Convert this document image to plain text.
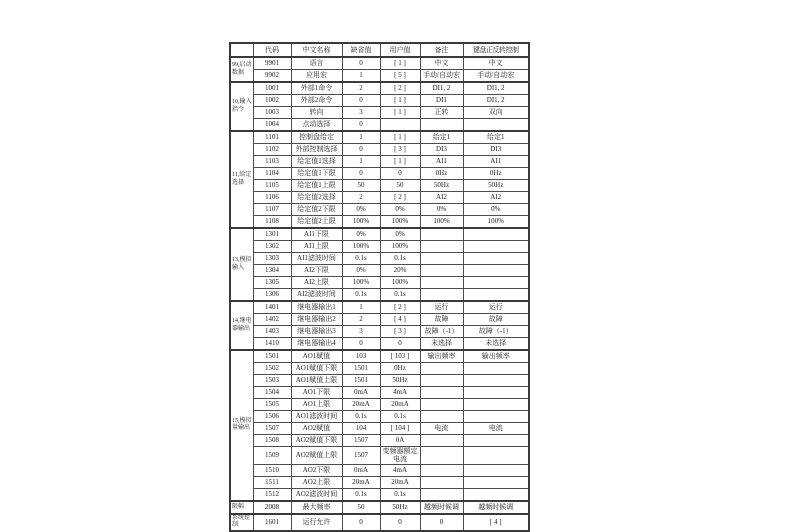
	代码	中文名称	缺省值	用户值	备注	键盘正反转控制
99,启动数据	9901	语言	0	[ 1 ]	中文	中文
	9902	应用宏	1	[ 5 ]	手动/自动宏	手动/自动宏
10,输入指令	1001	外部1命令	2	[ 2 ]	DI1, 2	DI1, 2
	1002	外部2命令	0	[ 1 ]	DI1	DI1, 2
	1003	转向	3	[ 1 ]	正转	双向
	1004	点动选择	0			
11,给定选择	1101	控制盘给定	1	[ 1 ]	给定1	给定1
	1102	外部控制选择	0	[ 3 ]	DI3	DI3
	1103	给定值1选择	1	[ 1 ]	AI1	AI1
	1104	给定值1下限	0	0	0Hz	0Hz
	1105	给定值1上限	50	50	50Hz	50Hz
	1106	给定值2选择	2	[ 2 ]	AI2	AI2
	1107	给定值2下限	0%	0%	0%	0%
	1108	给定值2上限	100%	100%	100%	100%
13,模拟输入	1301	AI1下限	0%	0%		
	1302	AI1上限	100%	100%		
	1303	AI1滤波时间	0.1s	0.1s		
	1304	AI2下限	0%	20%		
	1305	AI2上限	100%	100%		
	1306	AI2滤波时间	0.1s	0.1s		
14,继电器输出	1401	继电器输出1	1	[ 2 ]	运行	运行
	1402	继电器输出2	2	[ 4 ]	故障	故障
	1403	继电器输出3	3	[ 3 ]	故障（-1）	故障（-1）
	1410	继电器输出4	0	0	未选择	未选择
15,模拟量输出	1501	AO1赋值	103	[ 103 ]	输出频率	输出频率
	1502	AO1赋值下限	1501	0Hz		
	1503	AO1赋值上限	1501	50Hz		
	1504	AO1下限	0mA	4mA		
	1505	AO1上限	20mA	20mA		
	1506	AO1滤波时间	0.1s	0.1s		
	1507	AO2赋值	104	[ 104 ]	电流	电流
	1508	AO2赋值下限	1507	0A		
	1509	AO2赋值上限	1507	变频器额定电流		
	1510	AO2下限	0mA	4mA		
	1511	AO2上限	20mA	20mA		
	1512	AO2滤波时间	0.1s	0.1s		
限幅	2008	最大频率	50	50Hz	越频时候调	越频时候调
系统控制	1601	运行允许	0	0	0	[ 4 ]
